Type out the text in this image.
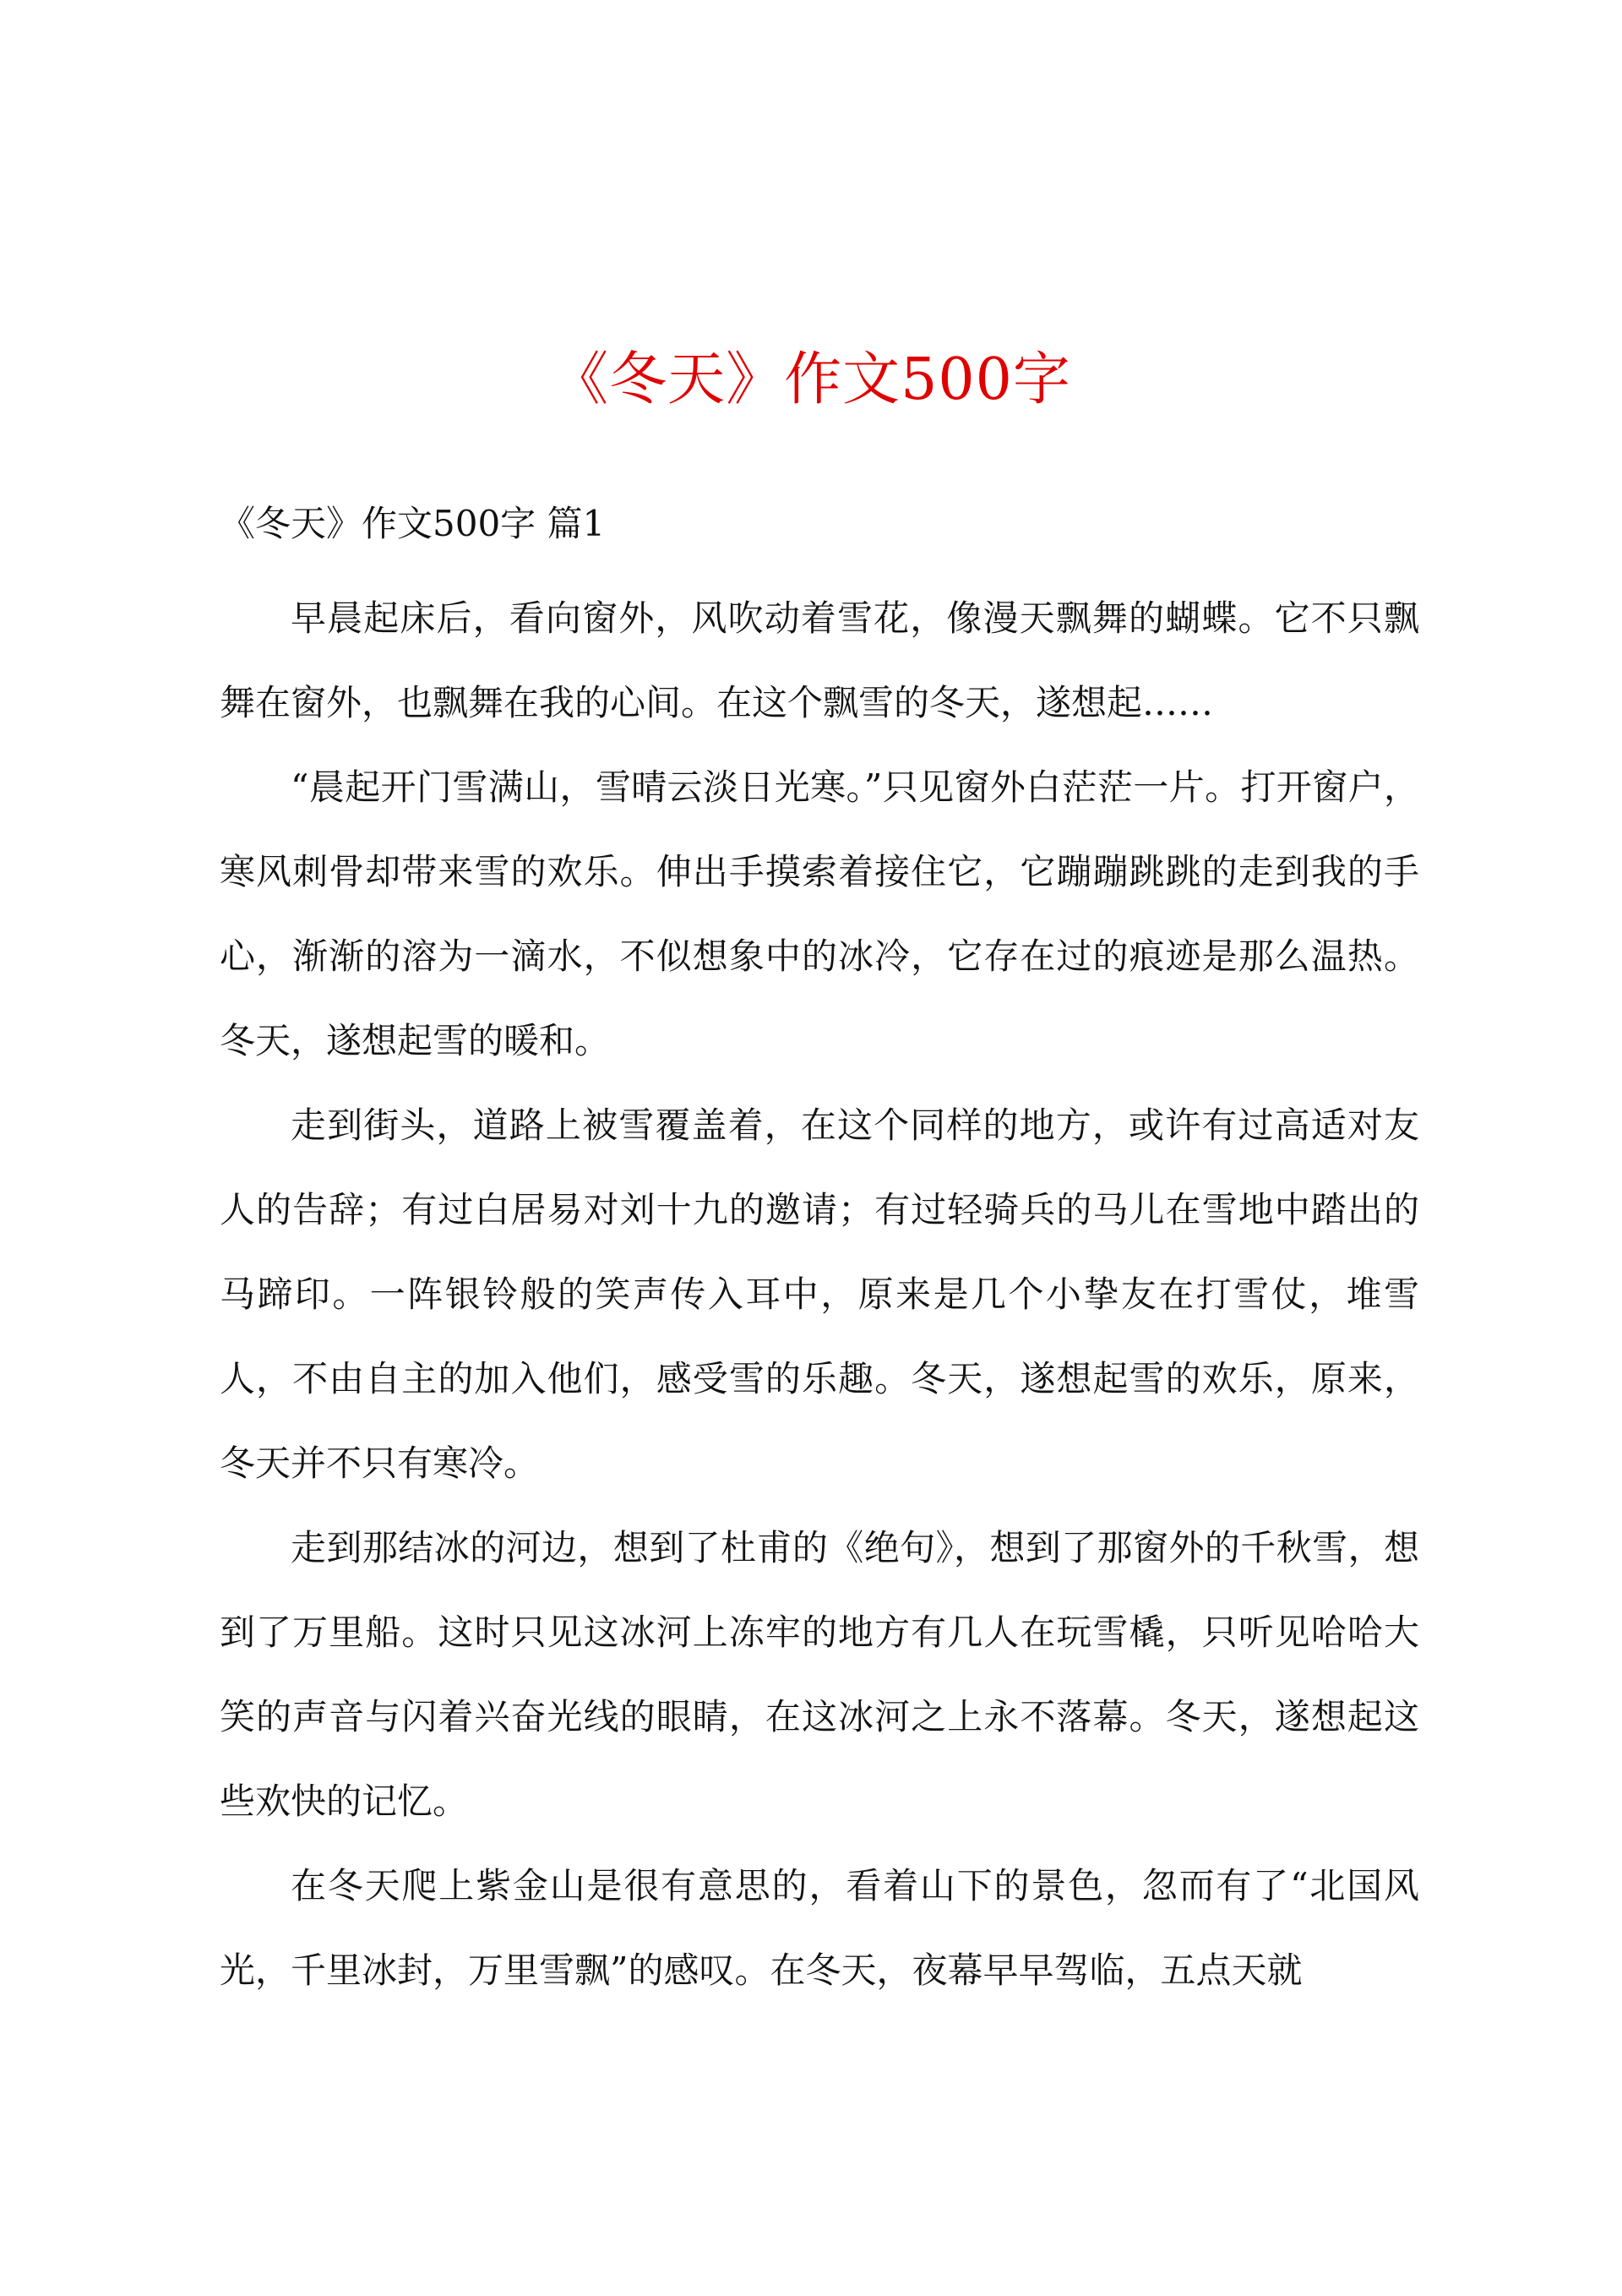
《冬天》作文500字

《冬天》作文500字 篇1

早晨起床后，看向窗外，风吹动着雪花，像漫天飘舞的蝴蝶。它不只飘舞在窗外，也飘舞在我的心间。在这个飘雪的冬天，遂想起……

“晨起开门雪满山，雪晴云淡日光寒。”只见窗外白茫茫一片。打开窗户，寒风刺骨却带来雪的欢乐。伸出手摸索着接住它，它蹦蹦跳跳的走到我的手心，渐渐的溶为一滴水，不似想象中的冰冷，它存在过的痕迹是那么温热。冬天，遂想起雪的暖和。

走到街头，道路上被雪覆盖着，在这个同样的地方，或许有过高适对友人的告辞；有过白居易对刘十九的邀请；有过轻骑兵的马儿在雪地中踏出的马蹄印。一阵银铃般的笑声传入耳中，原来是几个小挚友在打雪仗，堆雪人，不由自主的加入他们，感受雪的乐趣。冬天，遂想起雪的欢乐，原来，冬天并不只有寒冷。

走到那结冰的河边，想到了杜甫的《绝句》，想到了那窗外的千秋雪，想到了万里船。这时只见这冰河上冻牢的地方有几人在玩雪橇，只听见哈哈大笑的声音与闪着兴奋光线的眼睛，在这冰河之上永不落幕。冬天，遂想起这些欢快的记忆。

在冬天爬上紫金山是很有意思的，看着山下的景色，忽而有了“北国风光，千里冰封，万里雪飘”的感叹。在冬天，夜幕早早驾临，五点天就
